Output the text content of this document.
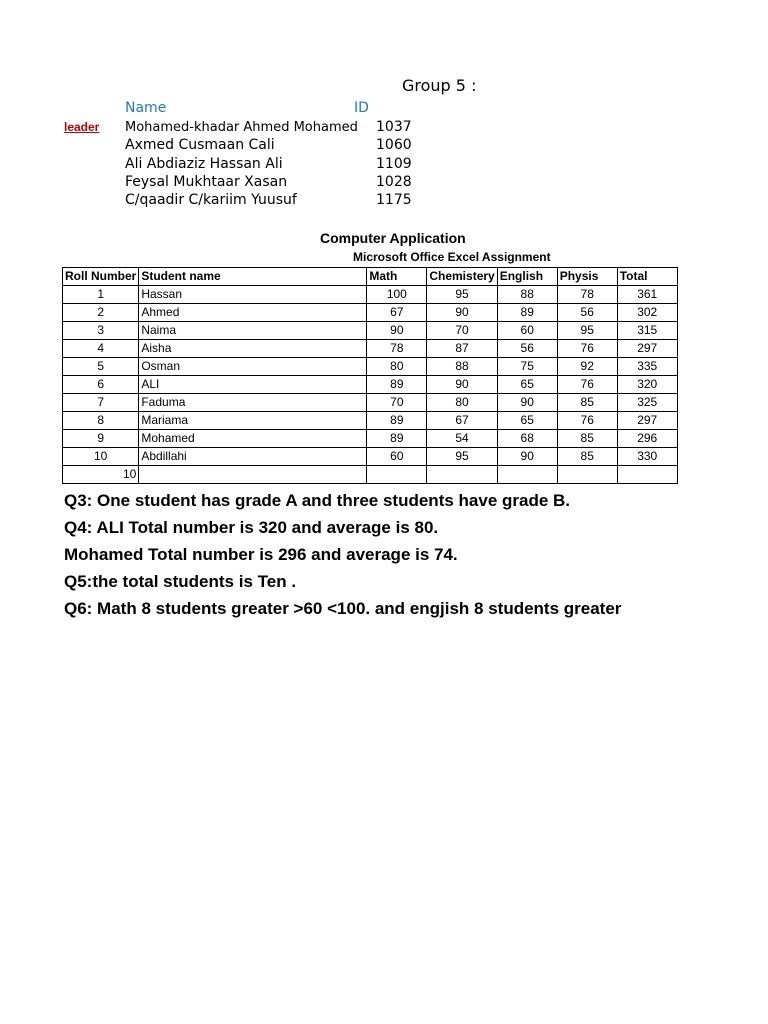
Group 5 :
Name	ID
leader Mohamed-khadar Ahmed Mohamed 1037
Axmed Cusmaan Cali	1060
Ali Abdiaziz Hassan Ali	1109
Feysal Mukhtaar Xasan	1028
C/qaadir C/kariim Yuusuf	1175
Computer Application
Microsoft Office Excel Assignment
Roll Number	Student name	Math	Chemistery	English	Physis	Total
1	Hassan	100	95	88	78	361
2	Ahmed	67	90	89	56	302
3	Naima	90	70	60	95	315
4	Aisha	78	87	56	76	297
5	Osman	80	88	75	92	335
6	ALI	89	90	65	76	320
7	Faduma	70	80	90	85	325
8	Mariama	89	67	65	76	297
9	Mohamed	89	54	68	85	296
10	Abdillahi	60	95	90	85	330
10						
Q3: One student has grade A and three students have grade B.
Q4: ALI Total number is 320 and average is 80.
Mohamed Total number is 296 and average is 74.
Q5:the total students is Ten .
Q6: Math 8 students greater >60 <100. and engjish 8 students greater
